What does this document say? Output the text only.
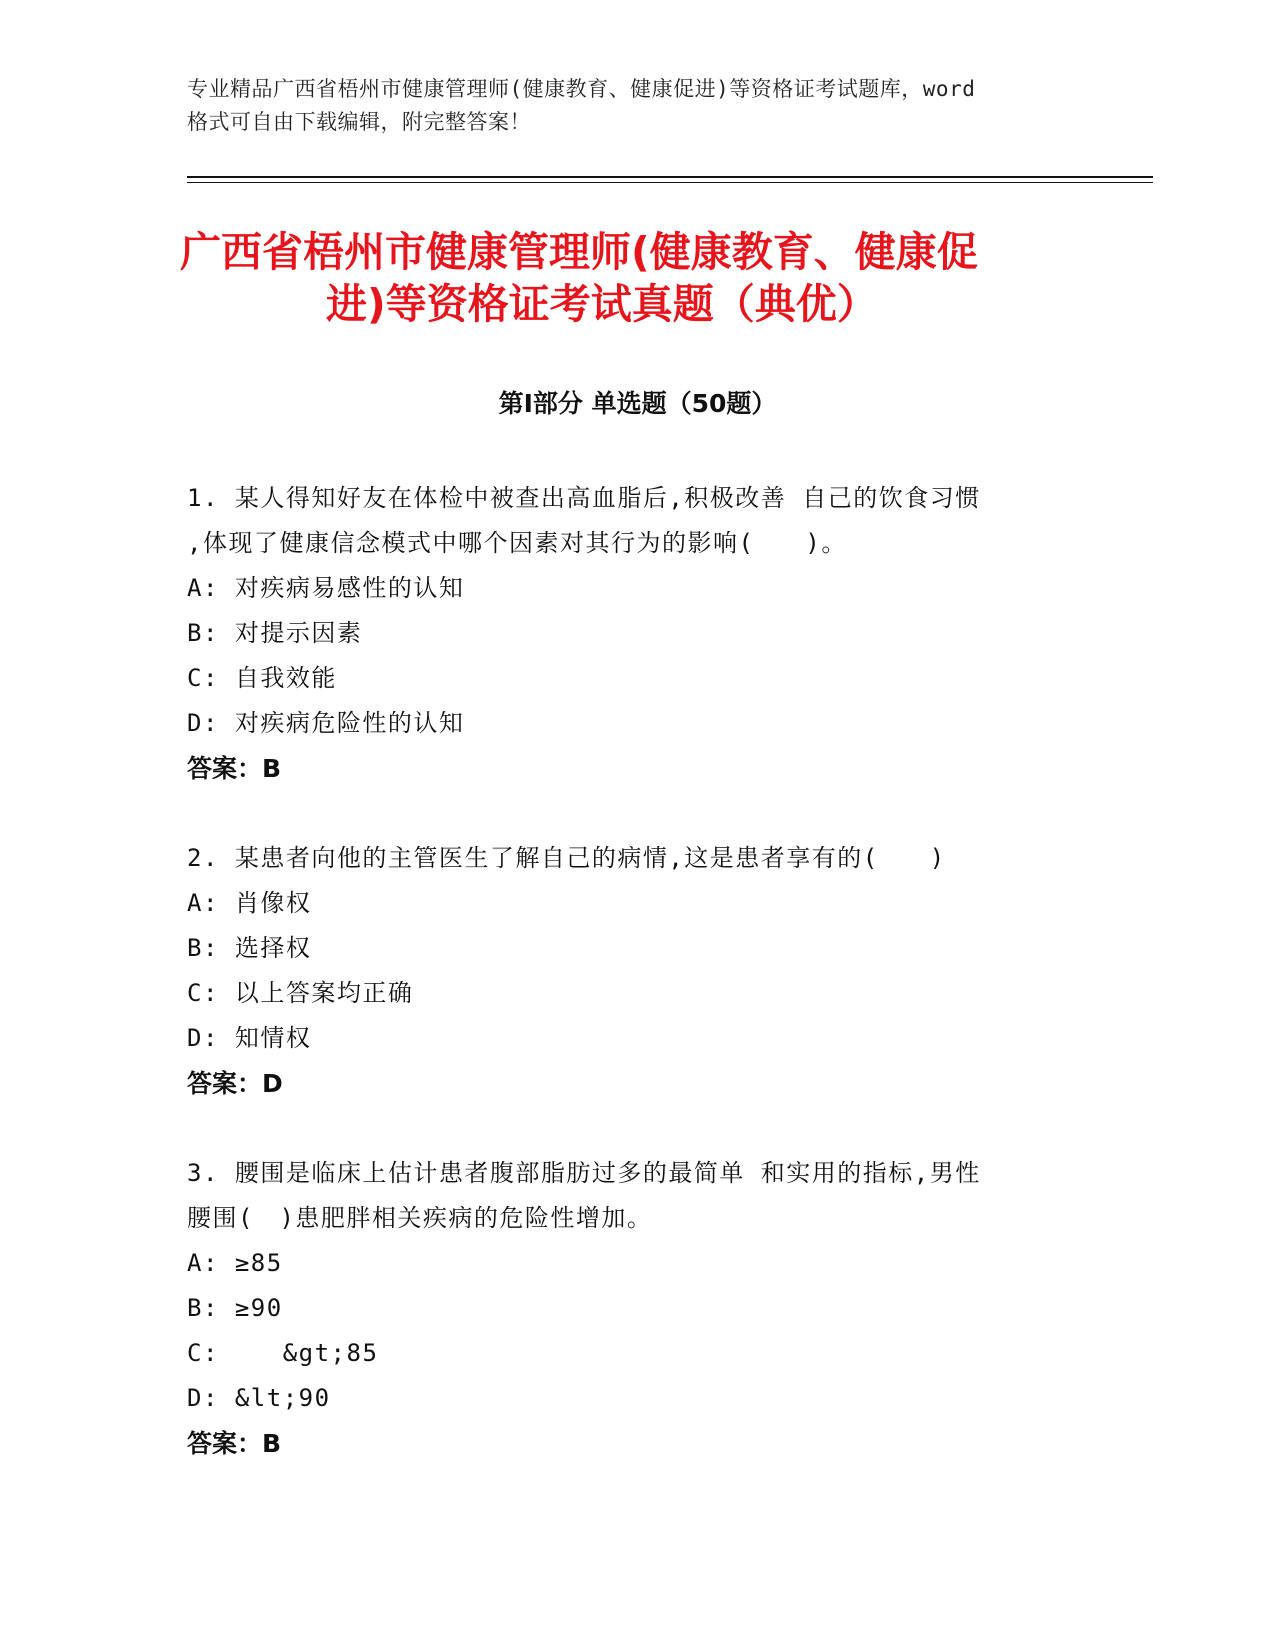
专业精品广西省梧州市健康管理师(健康教育、健康促进)等资格证考试题库，word
格式可自由下载编辑，附完整答案！
广西省梧州市健康管理师(健康教育、健康促
进)等资格证考试真题（典优）
第Ⅰ部分 单选题（50题）
1. 某人得知好友在体检中被查出高血脂后,积极改善 自己的饮食习惯
,体现了健康信念模式中哪个因素对其行为的影响(　　)。
A: 对疾病易感性的认知
B: 对提示因素
C: 自我效能
D: 对疾病危险性的认知
答案：B
2. 某患者向他的主管医生了解自己的病情,这是患者享有的(　　)
A: 肖像权
B: 选择权
C: 以上答案均正确
D: 知情权
答案：D
3. 腰围是临床上估计患者腹部脂肪过多的最简单 和实用的指标,男性
腰围(　)患肥胖相关疾病的危险性增加。
A: ≥85
B: ≥90
C:    &gt;85
D: &lt;90
答案：B
